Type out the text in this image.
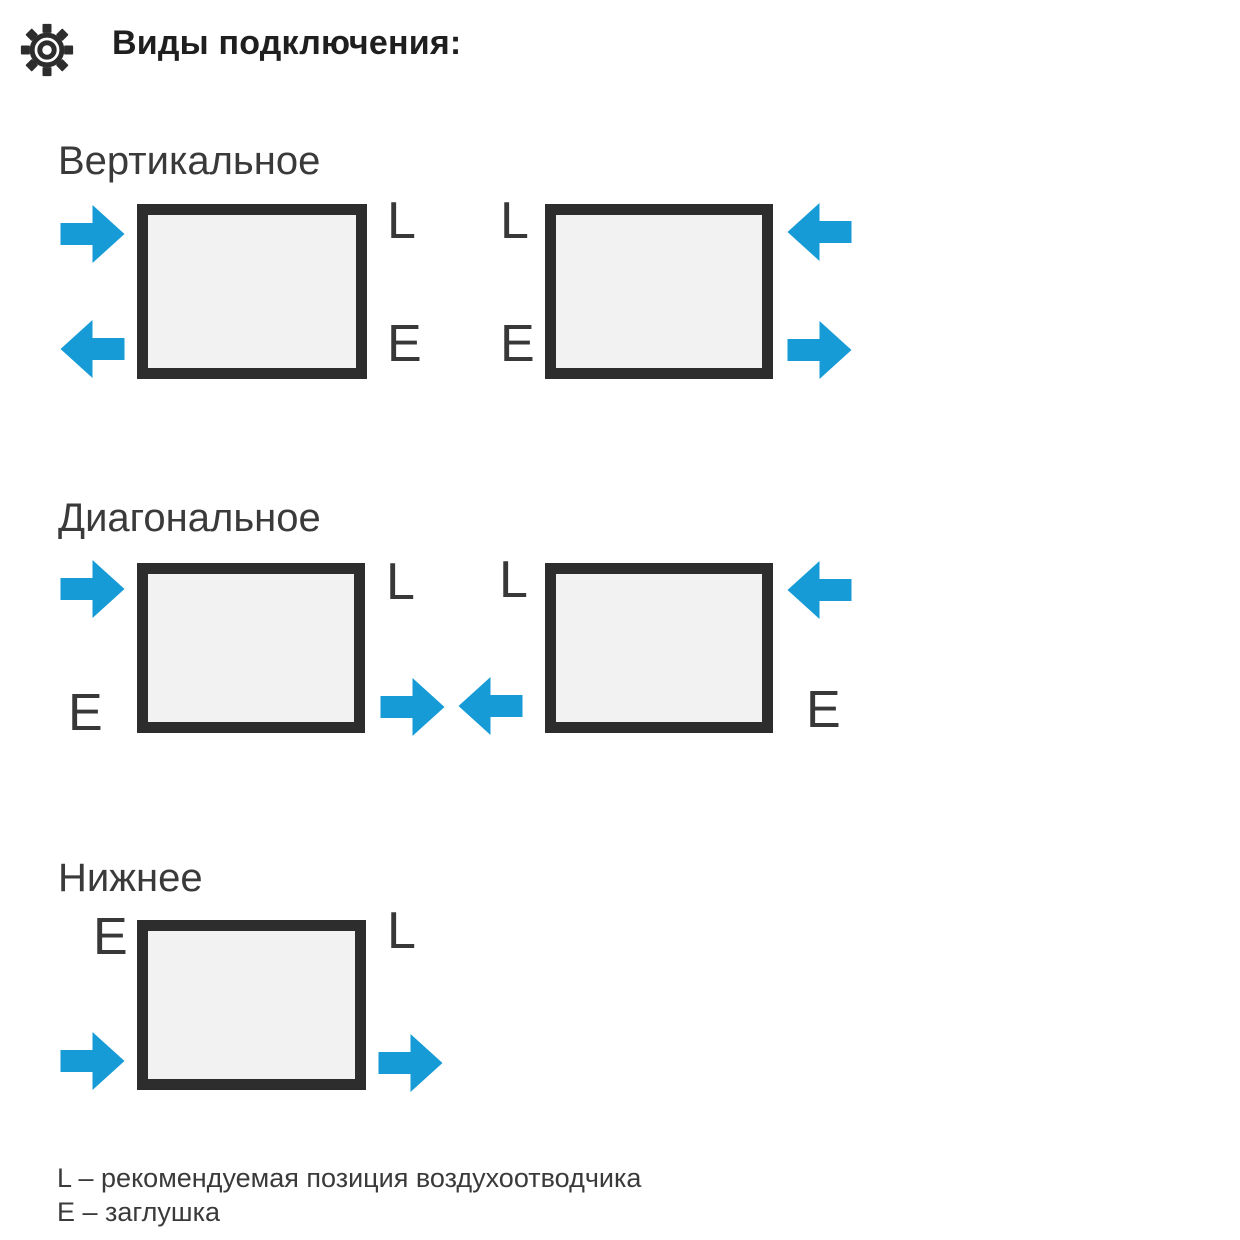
Виды подключения:
Вертикальное
L
E
L
E
Диагональное
L
E
L
E
Нижнее
E	L
L – рекомендуемая позиция воздухоотводчика
E – заглушка
